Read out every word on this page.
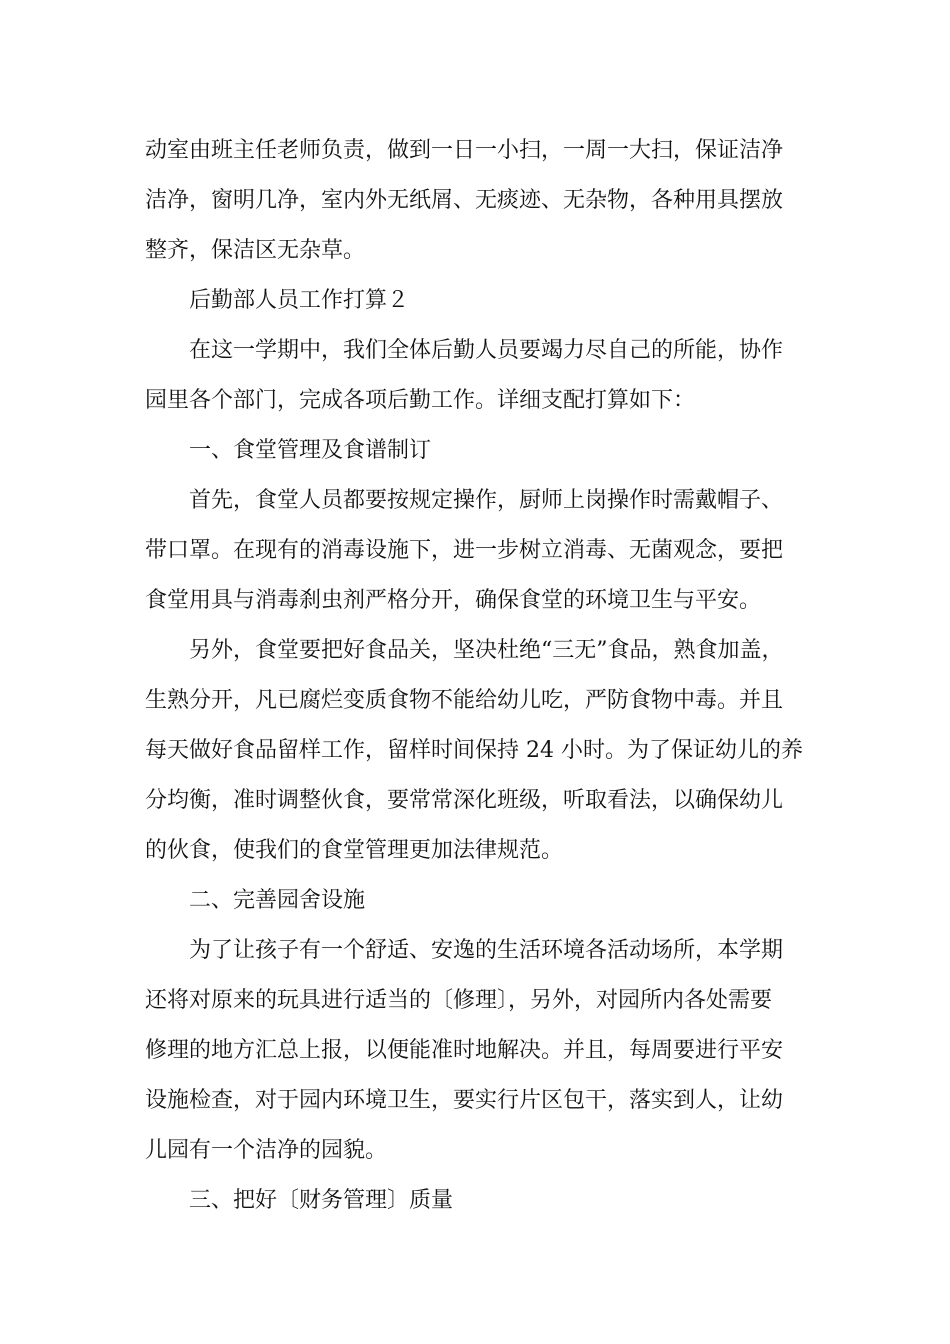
动室由班主任老师负责，做到一日一小扫，一周一大扫，保证洁净
洁净，窗明几净，室内外无纸屑、无痰迹、无杂物，各种用具摆放
整齐，保洁区无杂草。
后勤部人员工作打算２
在这一学期中，我们全体后勤人员要竭力尽自己的所能，协作
园里各个部门，完成各项后勤工作。详细支配打算如下：
一、食堂管理及食谱制订
首先，食堂人员都要按规定操作，厨师上岗操作时需戴帽子、
带口罩。在现有的消毒设施下，进一步树立消毒、无菌观念，要把
食堂用具与消毒刹虫剂严格分开，确保食堂的环境卫生与平安。
另外，食堂要把好食品关，坚决杜绝“三无”食品，熟食加盖，
生熟分开，凡已腐烂变质食物不能给幼儿吃，严防食物中毒。并且
每天做好食品留样工作，留样时间保持 24 小时。为了保证幼儿的养
分均衡，准时调整伙食，要常常深化班级，听取看法，以确保幼儿
的伙食，使我们的食堂管理更加法律规范。
二、完善园舍设施
为了让孩子有一个舒适、安逸的生活环境各活动场所，本学期
还将对原来的玩具进行适当的〔修理〕，另外，对园所内各处需要
修理的地方汇总上报，以便能准时地解决。并且，每周要进行平安
设施检查，对于园内环境卫生，要实行片区包干，落实到人，让幼
儿园有一个洁净的园貌。
三、把好〔财务管理〕质量
